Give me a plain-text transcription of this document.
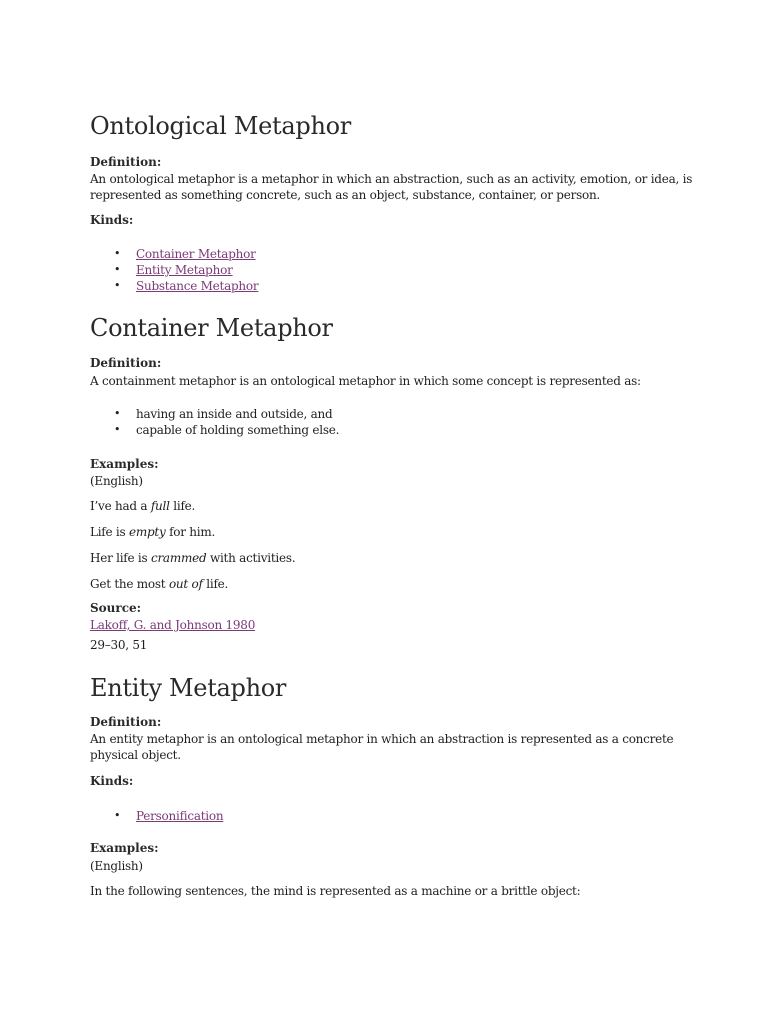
Ontological Metaphor
Definition:
An ontological metaphor is a metaphor in which an abstraction, such as an activity, emotion, or idea, is
represented as something concrete, such as an object, substance, container, or person.
Kinds:
• Container Metaphor
• Entity Metaphor
• Substance Metaphor
Container Metaphor
Definition:
A containment metaphor is an ontological metaphor in which some concept is represented as:
• having an inside and outside, and
• capable of holding something else.
Examples:
(English)
I’ve had a full life.
Life is empty for him.
Her life is crammed with activities.
Get the most out of life.
Source:
Lakoff, G. and Johnson 1980
29–30, 51
Entity Metaphor
Definition:
An entity metaphor is an ontological metaphor in which an abstraction is represented as a concrete
physical object.
Kinds:
• Personification
Examples:
(English)
In the following sentences, the mind is represented as a machine or a brittle object:
